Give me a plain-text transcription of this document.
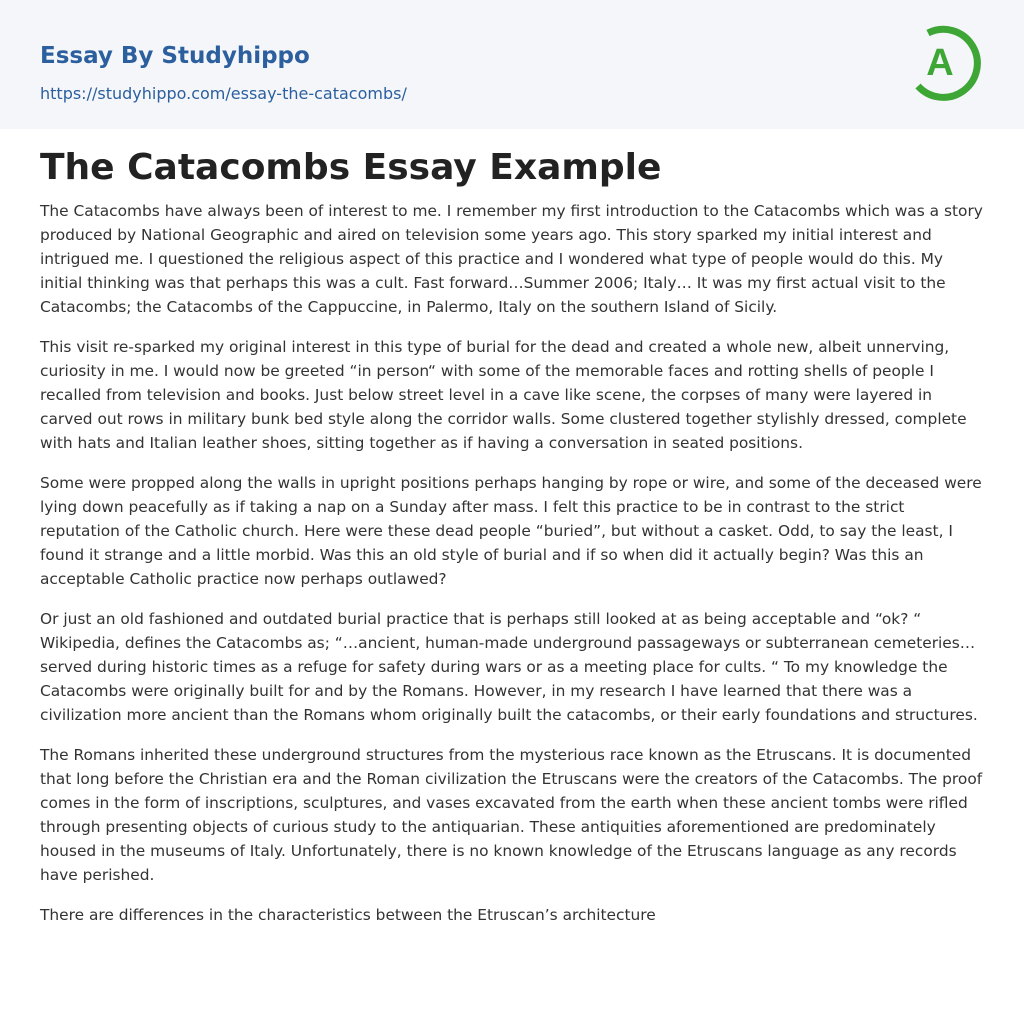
Essay By Studyhippo
https://studyhippo.com/essay-the-catacombs/
A
The Catacombs Essay Example

The Catacombs have always been of interest to me. I remember my first introduction to the Catacombs which was a story produced by National Geographic and aired on television some years ago. This story sparked my initial interest and intrigued me. I questioned the religious aspect of this practice and I wondered what type of people would do this. My initial thinking was that perhaps this was a cult. Fast forward…Summer 2006; Italy… It was my first actual visit to the Catacombs; the Catacombs of the Cappuccine, in Palermo, Italy on the southern Island of Sicily.

This visit re-sparked my original interest in this type of burial for the dead and created a whole new, albeit unnerving, curiosity in me. I would now be greeted “in person“ with some of the memorable faces and rotting shells of people I recalled from television and books. Just below street level in a cave like scene, the corpses of many were layered in carved out rows in military bunk bed style along the corridor walls. Some clustered together stylishly dressed, complete with hats and Italian leather shoes, sitting together as if having a conversation in seated positions.

Some were propped along the walls in upright positions perhaps hanging by rope or wire, and some of the deceased were lying down peacefully as if taking a nap on a Sunday after mass. I felt this practice to be in contrast to the strict reputation of the Catholic church. Here were these dead people “buried”, but without a casket. Odd, to say the least, I found it strange and a little morbid. Was this an old style of burial and if so when did it actually begin? Was this an acceptable Catholic practice now perhaps outlawed?

Or just an old fashioned and outdated burial practice that is perhaps still looked at as being acceptable and “ok? “ Wikipedia, defines the Catacombs as; “…ancient, human-made underground passageways or subterranean cemeteries…served during historic times as a refuge for safety during wars or as a meeting place for cults. “ To my knowledge the Catacombs were originally built for and by the Romans. However, in my research I have learned that there was a civilization more ancient than the Romans whom originally built the catacombs, or their early foundations and structures.

The Romans inherited these underground structures from the mysterious race known as the Etruscans. It is documented that long before the Christian era and the Roman civilization the Etruscans were the creators of the Catacombs. The proof comes in the form of inscriptions, sculptures, and vases excavated from the earth when these ancient tombs were rifled through presenting objects of curious study to the antiquarian. These antiquities aforementioned are predominately housed in the museums of Italy. Unfortunately, there is no known knowledge of the Etruscans language as any records have perished.

There are differences in the characteristics between the Etruscan’s architecture
